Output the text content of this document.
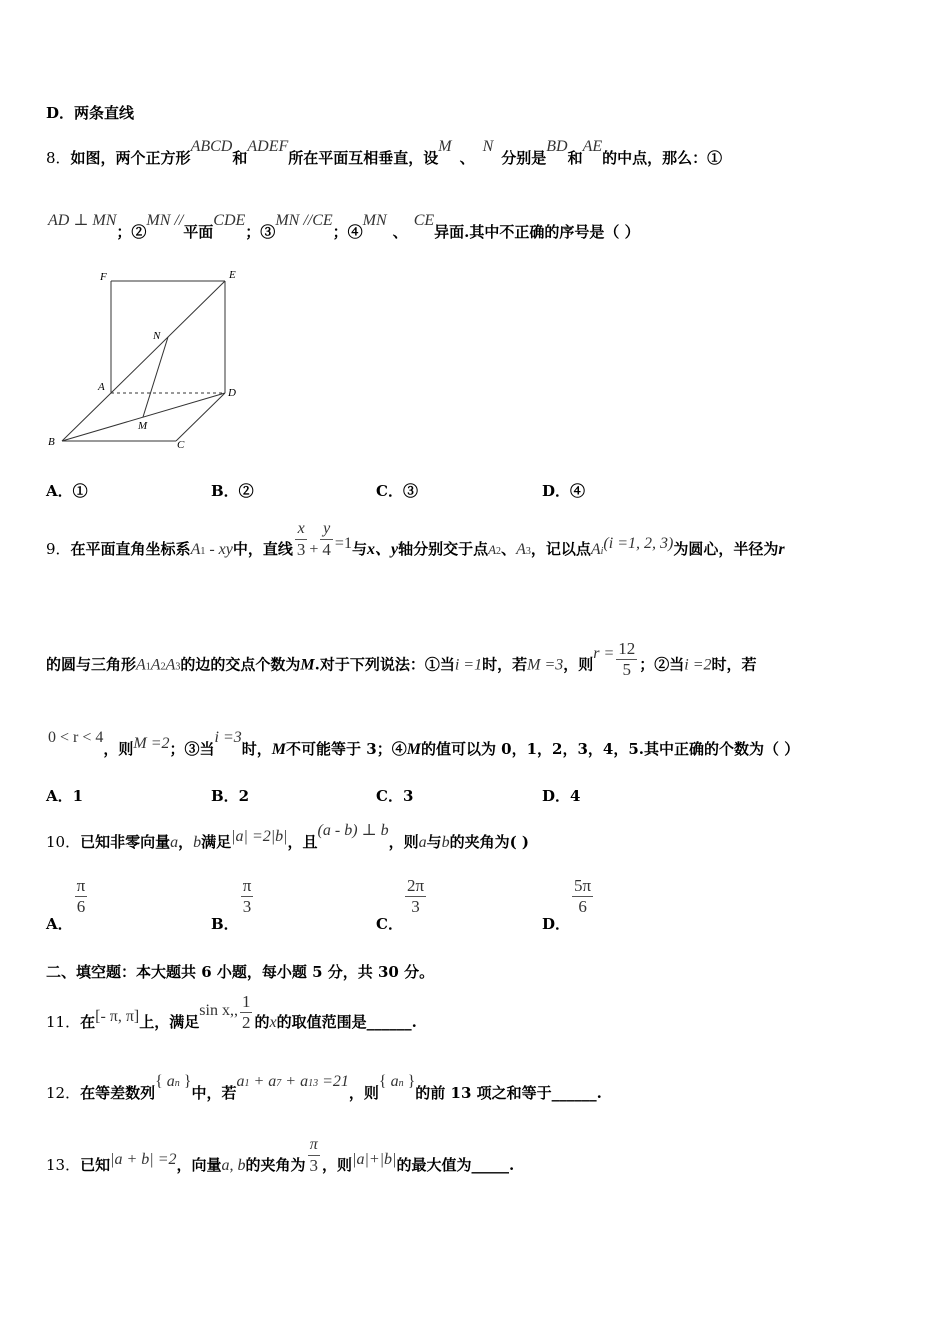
D．两条直线
8．如图，两个正方形ABCD和ADEF所在平面互相垂直，设M、N分别是BD和AE的中点，那么：①
AD ⊥ MN；②MN //平面CDE；③MN //CE；④MN、CE异面.其中不正确的序号是（ ）
F	E
N
A	D
M
B	C
A．①	B．②	C．③	D．④
9．在平面直角坐标系A1 - xy中，直线 $\frac{x}{3} + \frac{y}{4} =1$与x、y轴分别交于点A2、A3，记以点Ai(i =1, 2, 3)为圆心，半径为r
的圆与三角形A1A2A3的边的交点个数为M.对于下列说法：①当i =1时，若M =3，则$r = \frac{12}{5}$ ；②当i =2时，若
0 < r < 4，则M =2；③当i =3时，M不可能等于 3；④M的值可以为 0，1，2，3，4，5.其中正确的个数为（ ）
A．1	B．2	C．3	D．4
10．已知非零向量a，b满足|a| =2|b|，且(a - b) ⊥ b，则a与b的夹角为( )
A．
$\frac{\pi}{6}$
B．
$\frac{\pi}{3}$
C．
$\frac{2\pi}{3}$
D．
$\frac{5\pi}{6}$
二、填空题：本大题共 6 小题，每小题 5 分，共 30 分。
11．在[- π, π]上，满足sin x,, $\frac{1}{2}$ 的x的取值范围是______.
12．在等差数列{ an }中，若a1 + a7 + a13 =21，则{ an }的前 13 项之和等于______.
13．已知|a + b| =2，向量a, b的夹角为 $\frac{\pi}{3}$ ，则|a|+|b|的最大值为_____.
